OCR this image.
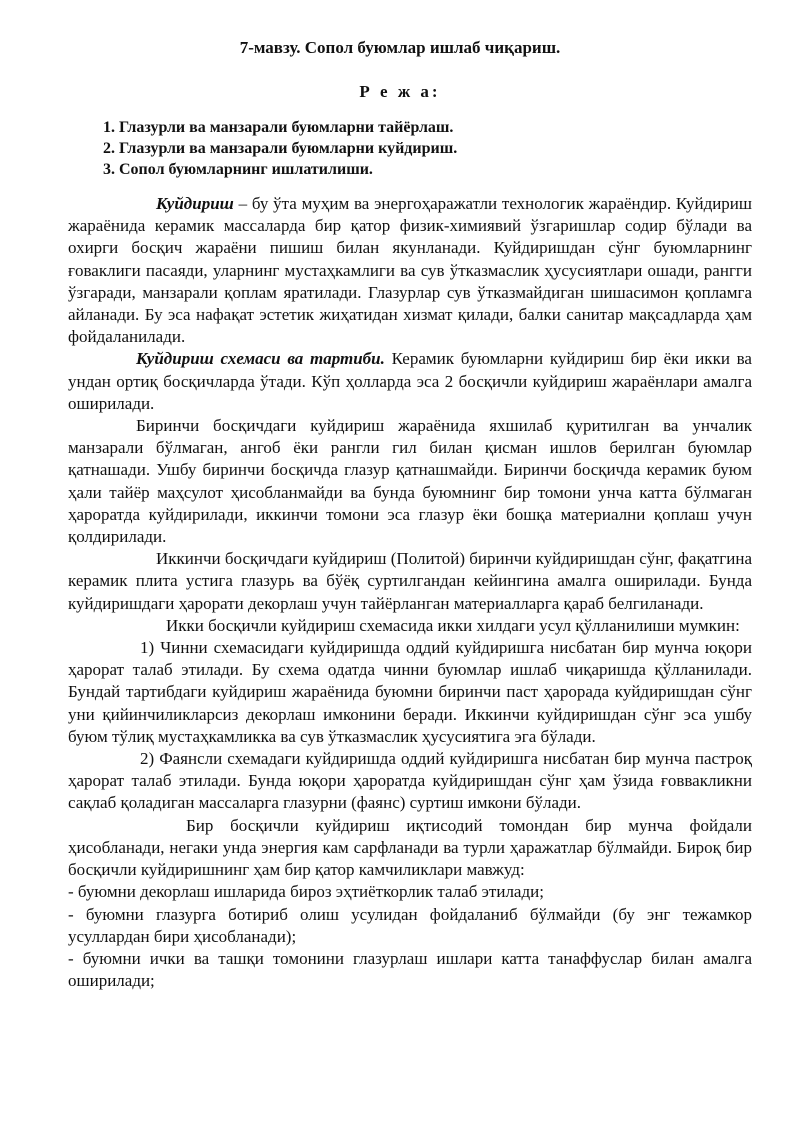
7-мавзу. Сопол буюмлар ишлаб чиқариш.
Р е ж а:
1. Глазурли ва манзарали буюмларни тайёрлаш.
2. Глазурли ва манзарали буюмларни куйдириш.
3. Сопол буюмларнинг ишлатилиши.

Куйдириш – бу ўта муҳим ва энергоҳаражатли технологик жараёндир. Куйдириш жараёнида керамик массаларда бир қатор физик-химиявий ўзгаришлар содир бўлади ва охирги босқич жараёни пишиш билан якунланади. Куйдиришдан сўнг буюмларнинг ғоваклиги пасаяди, уларнинг мустаҳкамлиги ва сув ўтказмаслик ҳусусиятлари ошади, рангги ўзгаради, манзарали қоплам яратилади. Глазурлар сув ўтказмайдиган шишасимон қопламга айланади. Бу эса нафақат эстетик жиҳатидан хизмат қилади, балки санитар мақсадларда ҳам фойдаланилади.

Куйдириш схемаси ва тартиби. Керамик буюмларни куйдириш бир ёки икки ва ундан ортиқ босқичларда ўтади. Кўп ҳолларда эса 2 босқичли куйдириш жараёнлари амалга оширилади.

Биринчи босқичдаги куйдириш жараёнида яхшилаб қуритилган ва унчалик манзарали бўлмаган, ангоб ёки рангли гил билан қисман ишлов берилган буюмлар қатнашади. Ушбу биринчи босқичда глазур қатнашмайди. Биринчи босқичда керамик буюм ҳали тайёр маҳсулот ҳисобланмайди ва бунда буюмнинг бир томони унча катта бўлмаган ҳароратда куйдирилади, иккинчи томони эса глазур ёки бошқа материални қоплаш учун қолдирилади.

Иккинчи босқичдаги куйдириш (Политой) биринчи куйдиришдан сўнг, фақатгина керамик плита устига глазурь ва бўёқ суртилгандан кейингина амалга оширилади. Бунда куйдиришдаги ҳарорати декорлаш учун тайёрланган материалларга қараб белгиланади.

Икки босқичли куйдириш схемасида икки хилдаги усул қўлланилиши мумкин:

1) Чинни схемасидаги куйдиришда оддий куйдиришга нисбатан бир мунча юқори ҳарорат талаб этилади. Бу схема одатда чинни буюмлар ишлаб чиқаришда қўлланилади. Бундай тартибдаги куйдириш жараёнида буюмни биринчи паст ҳарорада куйдиришдан сўнг уни қийинчиликларсиз декорлаш имконини беради. Иккинчи куйдиришдан сўнг эса ушбу буюм тўлиқ мустаҳкамликка ва сув ўтказмаслик ҳусусиятига эга бўлади.

2) Фаянсли схемадаги куйдиришда оддий куйдиришга нисбатан бир мунча пастроқ ҳарорат талаб этилади. Бунда юқори ҳароратда куйдиришдан сўнг ҳам ўзида ғоввакликни сақлаб қоладиган массаларга глазурни (фаянс) суртиш имкони бўлади.

Бир босқичли куйдириш иқтисодий томондан бир мунча фойдали ҳисобланади, негаки унда энергия кам сарфланади ва турли ҳаражатлар бўлмайди. Бироқ бир босқичли куйдиришнинг ҳам бир қатор камчиликлари мавжуд:

- буюмни декорлаш ишларида бироз эҳтиёткорлик талаб этилади;

- буюмни глазурга ботириб олиш усулидан фойдаланиб бўлмайди (бу энг тежамкор усуллардан бири ҳисобланади);

- буюмни ички ва ташқи томонини глазурлаш ишлари катта танаффуслар билан амалга оширилади;
